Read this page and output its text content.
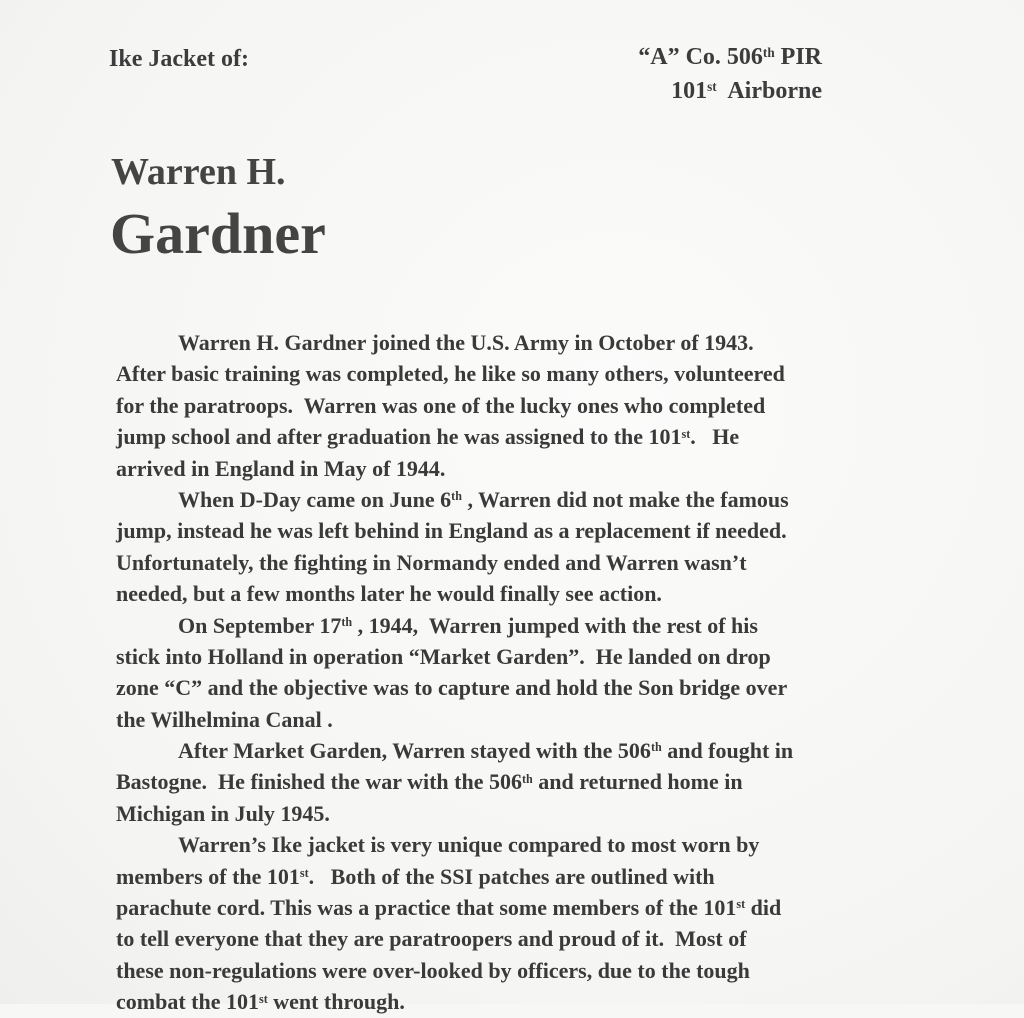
Ike Jacket of:	“A” Co. 506th PIR
101st  Airborne
Warren H.
Gardner
Warren H. Gardner joined the U.S. Army in October of 1943.
After basic training was completed, he like so many others, volunteered
for the paratroops.  Warren was one of the lucky ones who completed
jump school and after graduation he was assigned to the 101st.   He
arrived in England in May of 1944.
When D-Day came on June 6th , Warren did not make the famous
jump, instead he was left behind in England as a replacement if needed.
Unfortunately, the fighting in Normandy ended and Warren wasn’t
needed, but a few months later he would finally see action.
On September 17th , 1944,  Warren jumped with the rest of his
stick into Holland in operation “Market Garden”.  He landed on drop
zone “C” and the objective was to capture and hold the Son bridge over
the Wilhelmina Canal .
After Market Garden, Warren stayed with the 506th and fought in
Bastogne.  He finished the war with the 506th and returned home in
Michigan in July 1945.
Warren’s Ike jacket is very unique compared to most worn by
members of the 101st.   Both of the SSI patches are outlined with
parachute cord. This was a practice that some members of the 101st did
to tell everyone that they are paratroopers and proud of it.  Most of
these non-regulations were over-looked by officers, due to the tough
combat the 101st went through.
